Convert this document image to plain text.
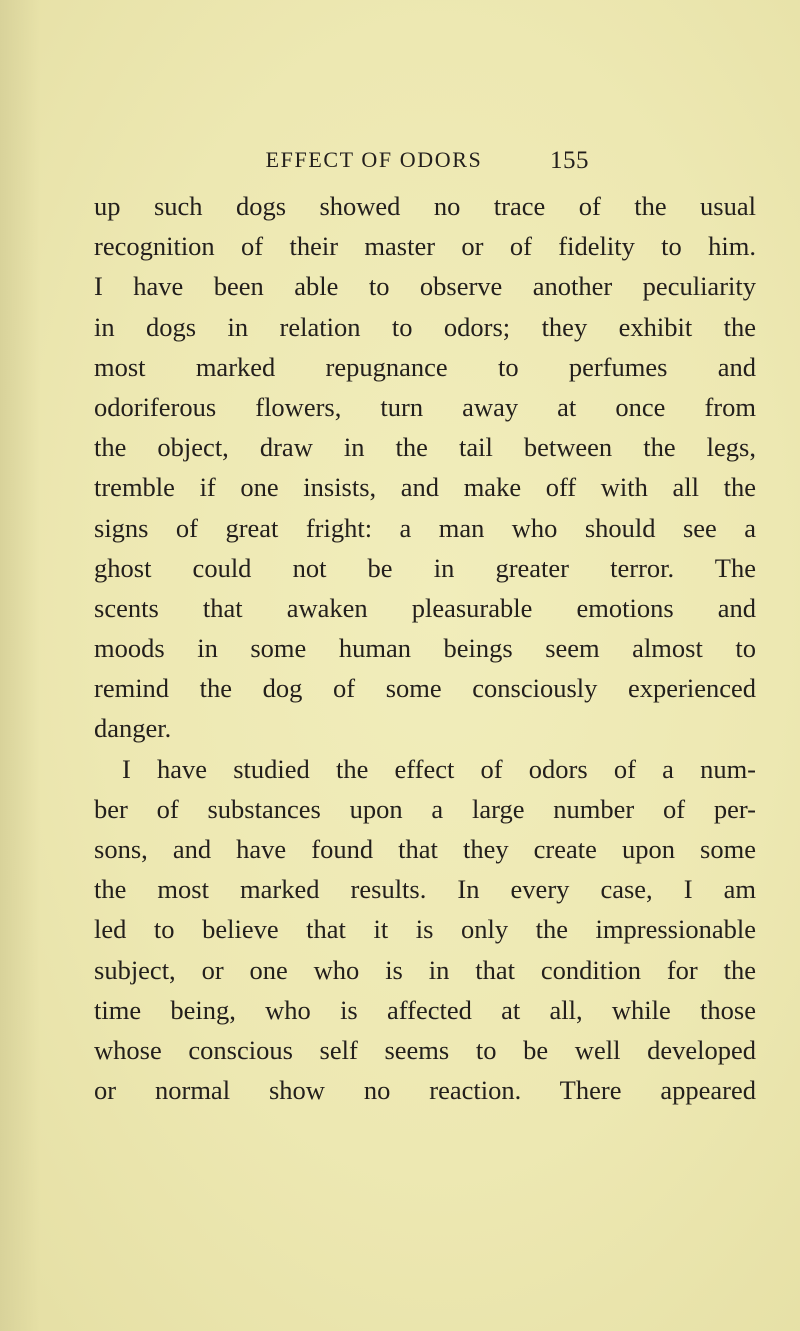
EFFECT OF ODORS	155
up such dogs showed no trace of the usual
recognition of their master or of fidelity to him.
I have been able to observe another peculiarity
in dogs in relation to odors; they exhibit the
most marked repugnance to perfumes and
odoriferous flowers, turn away at once from
the object, draw in the tail between the legs,
tremble if one insists, and make off with all the
signs of great fright: a man who should see a
ghost could not be in greater terror. The
scents that awaken pleasurable emotions and
moods in some human beings seem almost to
remind the dog of some consciously experienced
danger.
I have studied the effect of odors of a num-
ber of substances upon a large number of per-
sons, and have found that they create upon some
the most marked results. In every case, I am
led to believe that it is only the impressionable
subject, or one who is in that condition for the
time being, who is affected at all, while those
whose conscious self seems to be well developed
or normal show no reaction. There appeared
